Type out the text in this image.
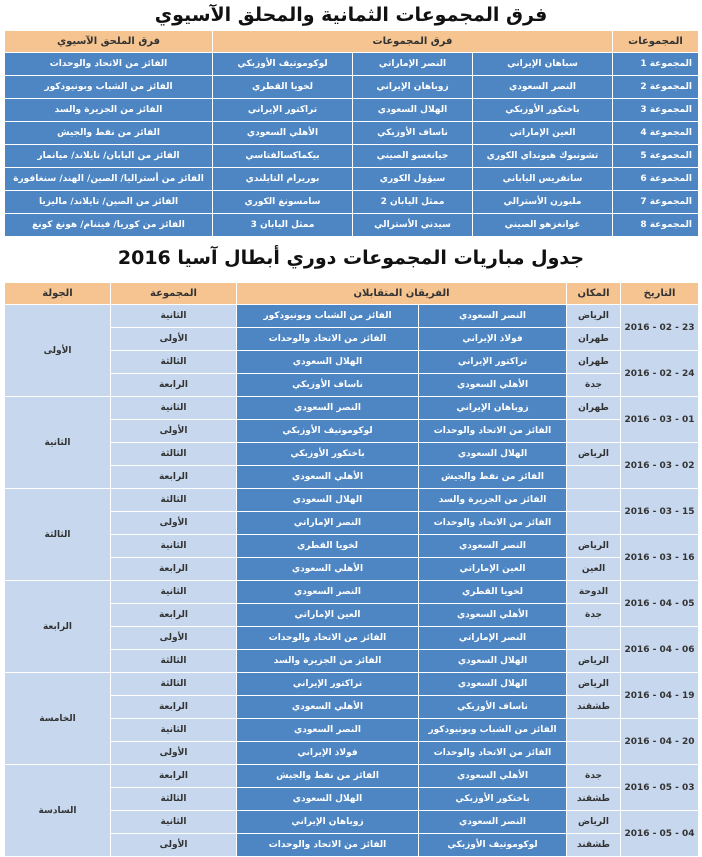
فرق المجموعات الثمانية والمحلق الآسيوي
المجموعات	فرق المجموعات			فرق الملحق الآسيوي
المجموعة 1	سباهان الإيراني	النصر الإماراتي	لوكوموتيف الأوزبكي	الفائز من الاتحاد والوحدات
المجموعة 2	النصر السعودي	زوباهان الإيراني	لخويا القطري	الفائز من الشباب وبونيودكور
المجموعة 3	باختكور الأوزبكي	الهلال السعودي	تراكتور الإيراني	الفائز من الجزيرة والسد
المجموعة 4	العين الإماراتي	ناساف الأوزبكي	الأهلي السعودي	الفائز من نفط والجيش
المجموعة 5	تشونبوك هيونداي الكوري	جيانغسو الصيني	بيكماكسالفتاسي	الفائز من اليابان/ تايلاند/ ميانمار
المجموعة 6	سانفريس الياباني	سيؤول الكوري	بوريرام التايلندي	الفائز من أستراليا/ الصين/ الهند/ سنغافورة
المجموعة 7	ملبورن الأسترالي	ممثل اليابان 2	سامسونغ الكوري	الفائز من الصين/ تايلاند/ ماليزيا
المجموعة 8	غوانغزهو الصيني	سيدني الأسترالي	ممثل اليابان 3	الفائز من كوريا/ فيتنام/ هونغ كونغ
جدول مباريات المجموعات دوري أبطال آسيا 2016
التاريخ	المكان	الفريقان المتقابلان		المجموعة	الجولة
2016 - 02 - 23	الرياض	النصر السعودي	الفائز من الشباب وبونيودكور	الثانية	الأولى
	طهران	فولاذ الإيراني	الفائز من الاتحاد والوحدات	الأولى	
2016 - 02 - 24	طهران	تراكتور الإيراني	الهلال السعودي	الثالثة	
	جدة	الأهلي السعودي	ناساف الأوزبكي	الرابعة	
2016 - 03 - 01	طهران	زوباهان الإيراني	النصر السعودي	الثانية	الثانية
		الفائز من الاتحاد والوحدات	لوكوموتيف الأوزبكي	الأولى	
2016 - 03 - 02	الرياض	الهلال السعودي	باختكور الأوزبكي	الثالثة	
		الفائز من نفط والجيش	الأهلي السعودي	الرابعة	
2016 - 03 - 15		الفائز من الجزيرة والسد	الهلال السعودي	الثالثة	الثالثة
		الفائز من الاتحاد والوحدات	النصر الإماراتي	الأولى	
2016 - 03 - 16	الرياض	النصر السعودي	لخويا القطري	الثانية	
	العين	العين الإماراتي	الأهلي السعودي	الرابعة	
2016 - 04 - 05	الدوحة	لخويا القطري	النصر السعودي	الثانية	الرابعة
	جدة	الأهلي السعودي	العين الإماراتي	الرابعة	
2016 - 04 - 06		النصر الإماراتي	الفائز من الاتحاد والوحدات	الأولى	
	الرياض	الهلال السعودي	الفائز من الجزيرة والسد	الثالثة	
2016 - 04 - 19	الرياض	الهلال السعودي	تراكتور الإيراني	الثالثة	الخامسة
	طشقند	ناساف الأوزبكي	الأهلي السعودي	الرابعة	
2016 - 04 - 20		الفائز من الشباب وبونيودكور	النصر السعودي	الثانية	
		الفائز من الاتحاد والوحدات	فولاذ الإيراني	الأولى	
2016 - 05 - 03	جدة	الأهلي السعودي	الفائز من نفط والجيش	الرابعة	السادسة
	طشقند	باختكور الأوزبكي	الهلال السعودي	الثالثة	
2016 - 05 - 04	الرياض	النصر السعودي	زوباهان الإيراني	الثانية	
	طشقند	لوكوموتيف الأوزبكي	الفائز من الاتحاد والوحدات	الأولى	
